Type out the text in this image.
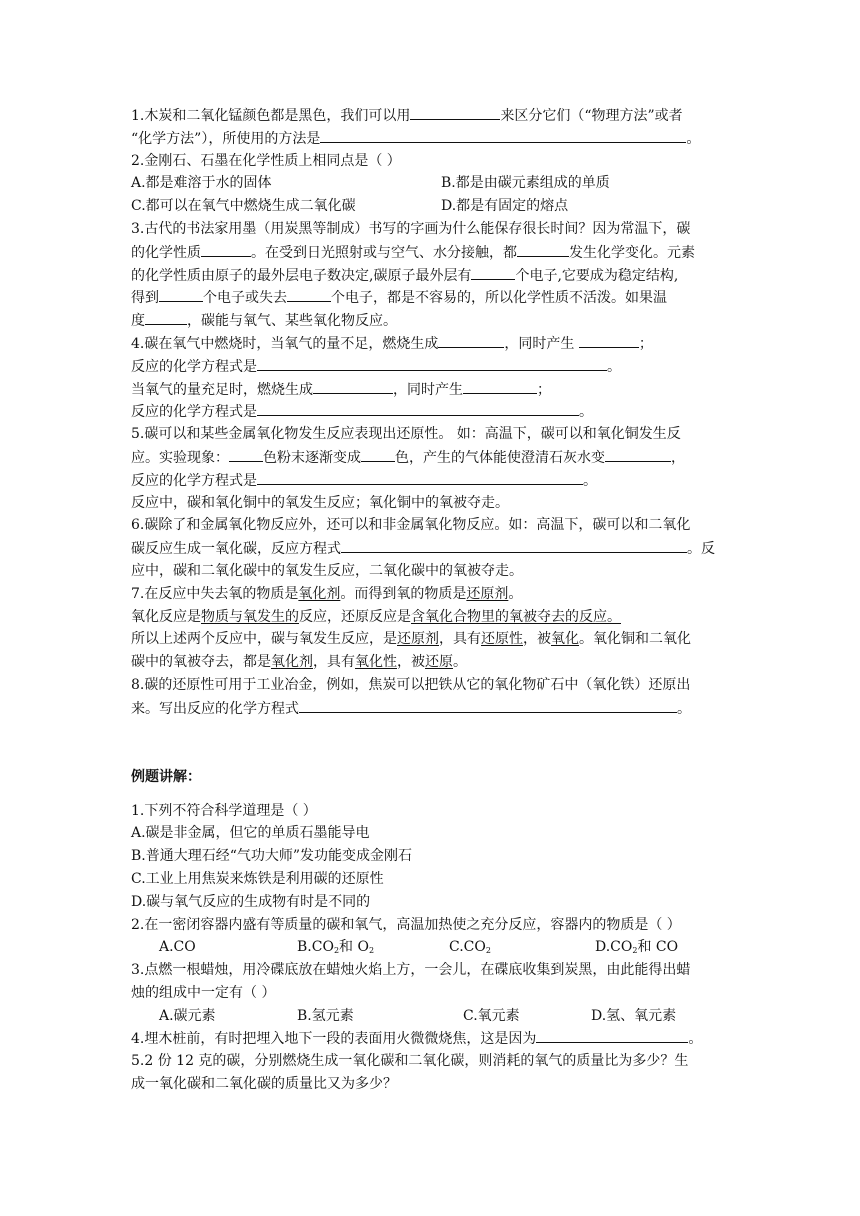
1.木炭和二氧化锰颜色都是黑色，我们可以用	来区分它们（“物理方法”或者
“化学方法”），所使用的方法是	。
2.金刚石、石墨在化学性质上相同点是（ ）
A.都是难溶于水的固体	B.都是由碳元素组成的单质
C.都可以在氧气中燃烧生成二氧化碳	D.都是有固定的熔点
3.古代的书法家用墨（用炭黑等制成）书写的字画为什么能保存很长时间？因为常温下，碳
的化学性质	。在受到日光照射或与空气、水分接触，都	发生化学变化。元素
的化学性质由原子的最外层电子数决定,碳原子最外层有	个电子,它要成为稳定结构,
得到	个电子或失去	个电子，都是不容易的，所以化学性质不活泼。如果温
度	，碳能与氧气、某些氧化物反应。
4.碳在氧气中燃烧时，当氧气的量不足，燃烧生成	，同时产生	；
反应的化学方程式是	。
当氧气的量充足时，燃烧生成	，同时产生	；
反应的化学方程式是	。
5.碳可以和某些金属氧化物发生反应表现出还原性。 如：高温下，碳可以和氧化铜发生反
应。实验现象： 色粉末逐渐变成 色，产生的气体能使澄清石灰水变	，
反应的化学方程式是	。
反应中，碳和氧化铜中的氧发生反应；氧化铜中的氧被夺走。
6.碳除了和金属氧化物反应外，还可以和非金属氧化物反应。如：高温下，碳可以和二氧化
碳反应生成一氧化碳，反应方程式	。反
应中，碳和二氧化碳中的氧发生反应，二氧化碳中的氧被夺走。
7.在反应中失去氧的物质是氧化剂。而得到氧的物质是还原剂。
氧化反应是物质与氧发生的反应，还原反应是含氧化合物里的氧被夺去的反应。
所以上述两个反应中，碳与氧发生反应，是还原剂，具有还原性，被氧化。氧化铜和二氧化
碳中的氧被夺去，都是氧化剂，具有氧化性，被还原。
8.碳的还原性可用于工业冶金，例如，焦炭可以把铁从它的氧化物矿石中（氧化铁）还原出
来。写出反应的化学方程式	。
例题讲解：
1.下列不符合科学道理是（ ）
A.碳是非金属，但它的单质石墨能导电
B.普通大理石经“气功大师”发功能变成金刚石
C.工业上用焦炭来炼铁是利用碳的还原性
D.碳与氧气反应的生成物有时是不同的
2.在一密闭容器内盛有等质量的碳和氧气，高温加热使之充分反应，容器内的物质是（ ）
A.CO	$B.CO_2$和 $O_2$	$C.CO_2$	$D.CO_2$和 CO
3.点燃一根蜡烛，用冷碟底放在蜡烛火焰上方，一会儿，在碟底收集到炭黑，由此能得出蜡
烛的组成中一定有（ ）
A.碳元素	B.氢元素	C.氧元素	D.氢、氧元素
4.埋木桩前，有时把埋入地下一段的表面用火微微烧焦，这是因为	。
5.2 份 12 克的碳，分别燃烧生成一氧化碳和二氧化碳，则消耗的氧气的质量比为多少？生
成一氧化碳和二氧化碳的质量比又为多少？
